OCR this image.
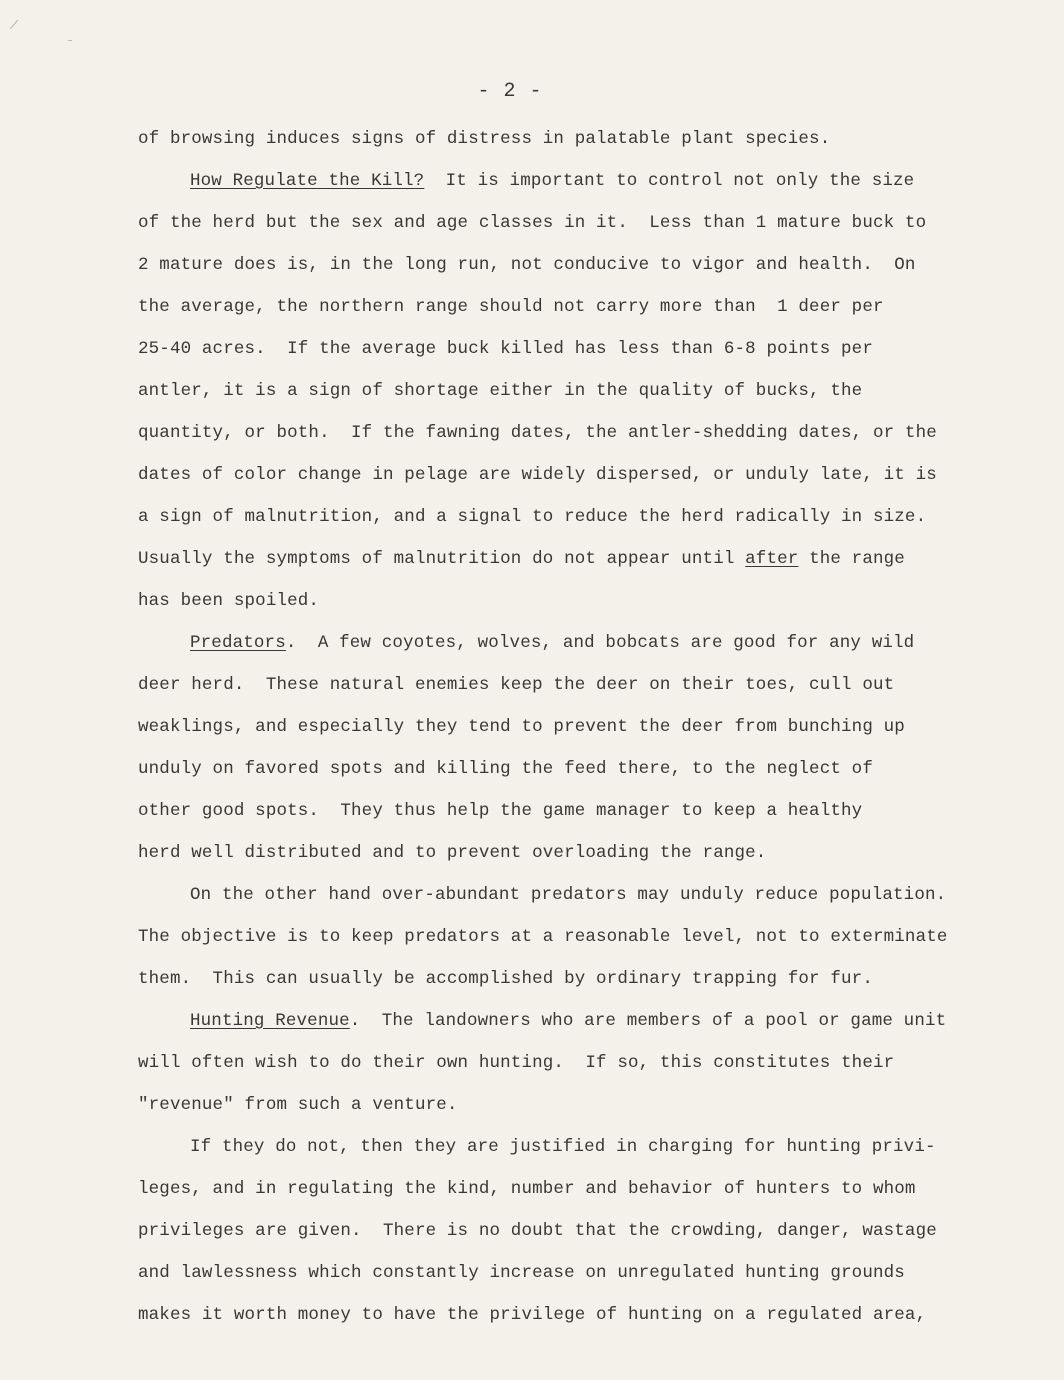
- 2 -
of browsing induces signs of distress in palatable plant species.
How Regulate the Kill?  It is important to control not only the size
of the herd but the sex and age classes in it.  Less than 1 mature buck to
2 mature does is, in the long run, not conducive to vigor and health.  On
the average, the northern range should not carry more than  1 deer per
25-40 acres.  If the average buck killed has less than 6-8 points per
antler, it is a sign of shortage either in the quality of bucks, the
quantity, or both.  If the fawning dates, the antler-shedding dates, or the
dates of color change in pelage are widely dispersed, or unduly late, it is
a sign of malnutrition, and a signal to reduce the herd radically in size.
Usually the symptoms of malnutrition do not appear until after the range
has been spoiled.
Predators.  A few coyotes, wolves, and bobcats are good for any wild
deer herd.  These natural enemies keep the deer on their toes, cull out
weaklings, and especially they tend to prevent the deer from bunching up
unduly on favored spots and killing the feed there, to the neglect of
other good spots.  They thus help the game manager to keep a healthy
herd well distributed and to prevent overloading the range.
On the other hand over-abundant predators may unduly reduce population.
The objective is to keep predators at a reasonable level, not to exterminate
them.  This can usually be accomplished by ordinary trapping for fur.
Hunting Revenue.  The landowners who are members of a pool or game unit
will often wish to do their own hunting.  If so, this constitutes their
"revenue" from such a venture.
If they do not, then they are justified in charging for hunting privi-
leges, and in regulating the kind, number and behavior of hunters to whom
privileges are given.  There is no doubt that the crowding, danger, wastage
and lawlessness which constantly increase on unregulated hunting grounds
makes it worth money to have the privilege of hunting on a regulated area,
